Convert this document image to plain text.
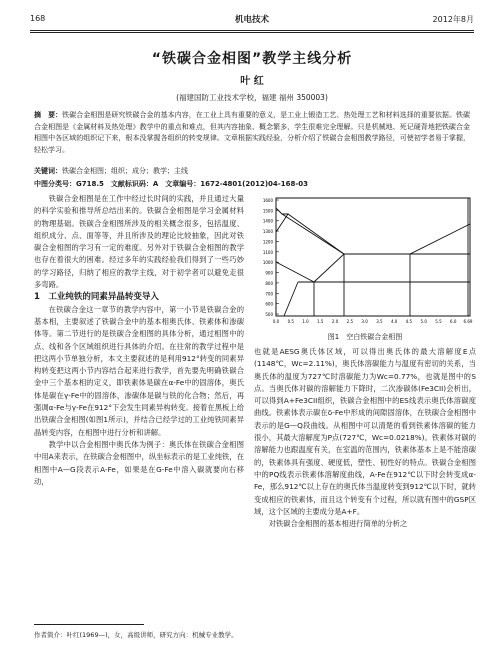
168	机电技术	2012年8月
“铁碳合金相图”教学主线分析
叶 红
(福建国防工业技术学校，福建 福州 350003)
摘　要：铁碳合金相图是研究铁碳合金的基本内容，在工业上具有重要的意义，是工业上锻造工艺、热处理工艺和材料选择的重要依据。铁碳合金相图是《金属材料及热处理》教学中的重点和难点，但其内容抽象、概念繁多，学生很难完全理解。只是机械地、死记硬背地把铁碳合金相图中各区域的组织记下来，根本没掌握各组织的转变规律。文章根据实践经验，分析介绍了铁碳合金相图教学路径，可使初学者易于掌握，轻松学习。
关键词：铁碳合金相图；组织；成分；教学；主线
中图分类号：G718.5　文献标识码：A　文章编号：1672-4801(2012)04-168-03

铁碳合金相图是在工作中经过长时间的实践，并且通过大量的科学实验和推导所总结出来的。铁碳合金相图是学习金属材料的物理基础。铁碳合金相图所涉及的相关概念很多，包括温度、组织成分、点、面等等，并且所涉及的理论比较抽象，因此对铁碳合金相图的学习有一定的难度。另外对于铁碳合金相图的教学也存在着很大的困难。经过多年的实践经验我们得到了一些巧妙的学习路径，归纳了相应的教学主线，对于初学者可以避免走很多弯路。

1　工业纯铁的同素异晶转变导入

在铁碳合金这一章节的教学内容中，第一小节是铁碳合金的基本相，主要叙述了铁碳合金中的基本相奥氏体、铁素体和渗碳体等。第二节进行的是铁碳合金相图的具体分析，通过相图中的点、线和各个区域组织进行具体的介绍。在往常的教学过程中是把这两小节单独分析，本文主要叙述的是利用912°转变的同素异构转变把这两小节内容结合起来进行教学，首先要先明确铁碳合金中三个基本相的定义，即铁素体是碳在α-Fe中的固溶体，奥氏体是碳在γ-Fe中的固溶体，渗碳体是碳与铁的化合物；然后，再强调α-Fe与γ-Fe在912°下会发生同素异构转变。接着在黑板上给出铁碳合金相图(如图1所示)，并结合已经学过的工业纯铁同素异晶转变内容，在相图中进行分析和讲解。

教学中以合金相图中奥氏体为例子：奥氏体在铁碳合金相图中用A来表示，在铁碳合金相图中，纵坐标表示的是工业纯铁，在相图中A—G段表示A-Fe，如果是在G-Fe中溶入碳就要向右移动，

1600
1500
1400
1300
1200
1100
1000
900
800
700
600
500
0.0 0.5 1.0 1.5 2.0 2.5 3.0 3.5 4.0 4.5 5.0 5.5 6.0 6.69
图1　空白铁碳合金相图

也就是AESG奥氏体区域，可以得出奥氏体的最大溶解度E点(1148℃，Wc=2.11%)，奥氏体溶碳能力与温度有密切的关系，当奥氏体的温度为727℃时溶碳能力为Wc=0.77%，也就是图中的S点。当奥氏体对碳的溶解能力下降时，二次渗碳体(Fe3CII)会析出，可以得到A+Fe3CII组织，铁碳合金相图中的ES线表示奥氏体溶碳度曲线。铁素体表示碳在δ-Fe中形成的间隙固溶体，在铁碳合金相图中表示的是G—Q段曲线。从相图中可以清楚的看到铁素体溶碳的能力很小，其最大溶解度为P点(727℃，Wc=0.0218%)。铁素体对碳的溶解能力也跟温度有关，在室温的范围内，铁素体基本上是不能溶碳的，铁素体具有强度、硬度低，塑性、韧性好的特点。铁碳合金相图中的PQ线表示铁素体溶解度曲线，A-Fe在912℃以下时会转变成α-Fe，那么912℃以上存在的奥氏体当温度转变到912℃以下时，就转变成相应的铁素体，而且这个转变有个过程，所以就有图中的GSP区域，这个区域的主要成分是A+F。

对铁碳合金相图的基本相进行简单的分析之

作者简介：叶红(1969—)，女，高级讲师，研究方向：机械专业教学。
